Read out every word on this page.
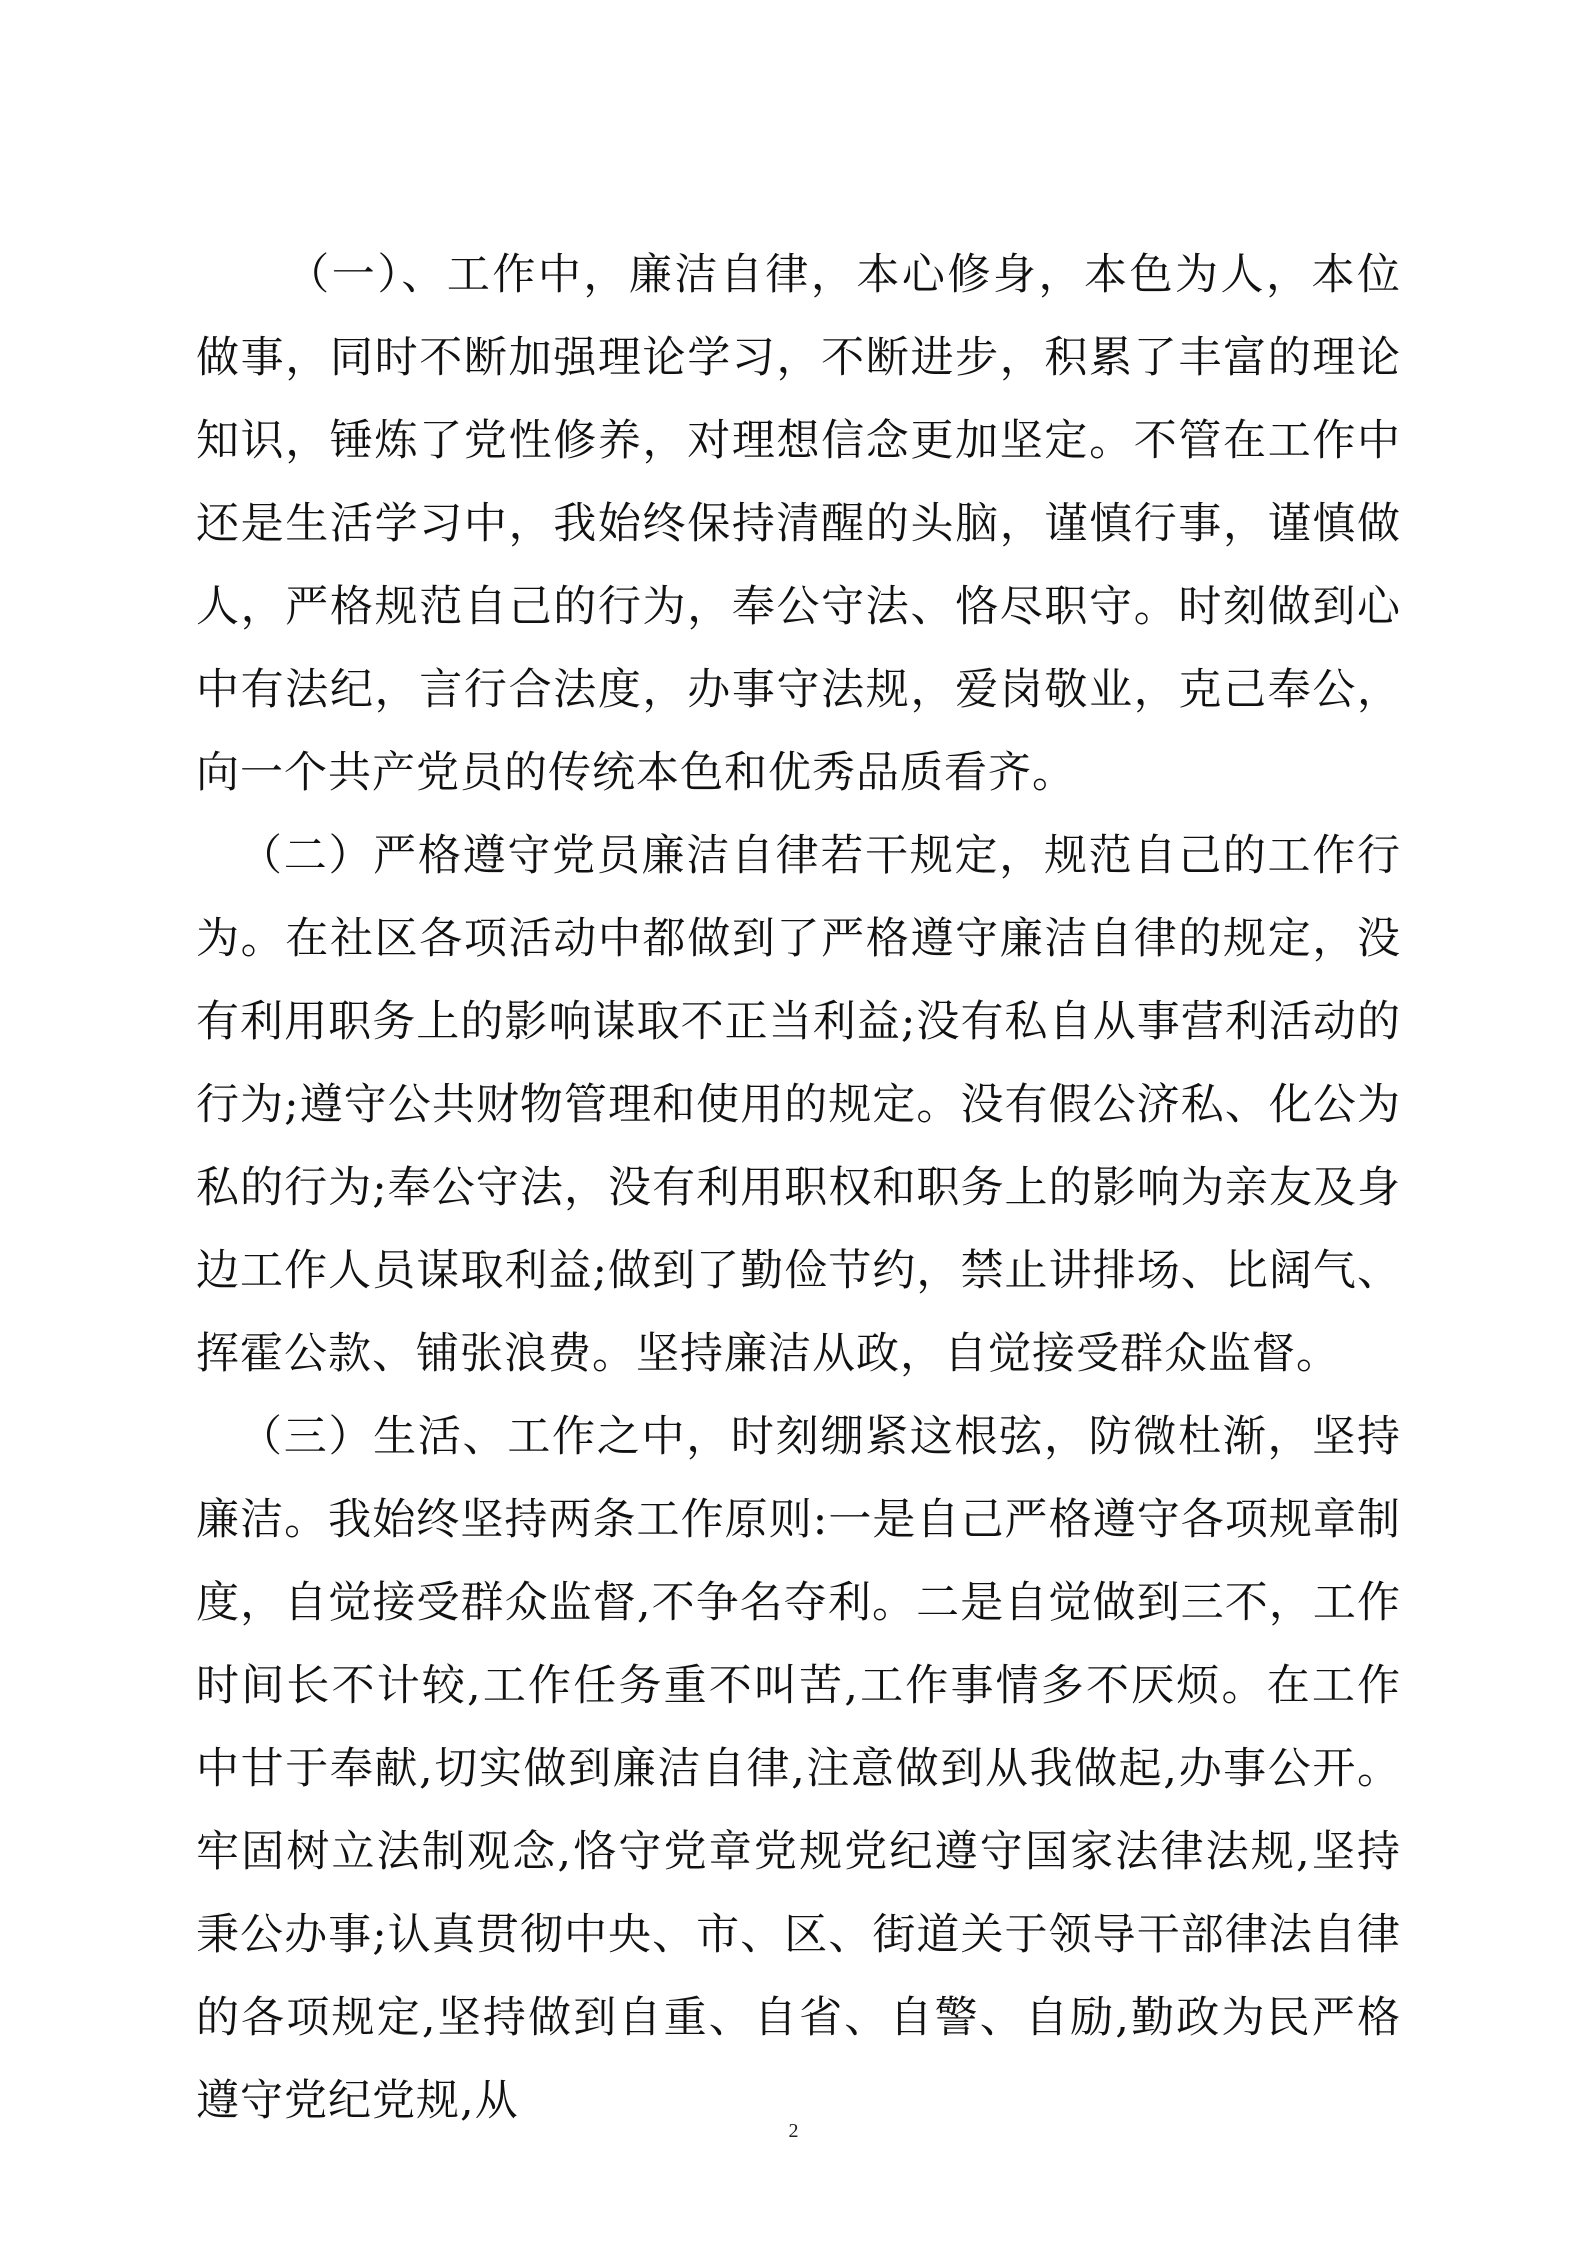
（一）、工作中，廉洁自律，本心修身，本色为人，本位做事，同时不断加强理论学习，不断进步，积累了丰富的理论知识，锤炼了党性修养，对理想信念更加坚定。不管在工作中还是生活学习中，我始终保持清醒的头脑，谨慎行事，谨慎做人，严格规范自己的行为，奉公守法、恪尽职守。时刻做到心中有法纪，言行合法度，办事守法规，爱岗敬业，克己奉公，向一个共产党员的传统本色和优秀品质看齐。

（二）严格遵守党员廉洁自律若干规定，规范自己的工作行为。在社区各项活动中都做到了严格遵守廉洁自律的规定，没有利用职务上的影响谋取不正当利益;没有私自从事营利活动的行为;遵守公共财物管理和使用的规定。没有假公济私、化公为私的行为;奉公守法，没有利用职权和职务上的影响为亲友及身边工作人员谋取利益;做到了勤俭节约，禁止讲排场、比阔气、挥霍公款、铺张浪费。坚持廉洁从政，自觉接受群众监督。

（三）生活、工作之中，时刻绷紧这根弦，防微杜渐，坚持廉洁。我始终坚持两条工作原则:一是自己严格遵守各项规章制度，自觉接受群众监督,不争名夺利。二是自觉做到三不，工作时间长不计较,工作任务重不叫苦,工作事情多不厌烦。在工作中甘于奉献,切实做到廉洁自律,注意做到从我做起,办事公开。牢固树立法制观念,恪守党章党规党纪遵守国家法律法规,坚持秉公办事;认真贯彻中央、市、区、街道关于领导干部律法自律的各项规定,坚持做到自重、自省、自警、自励,勤政为民严格遵守党纪党规,从

2
